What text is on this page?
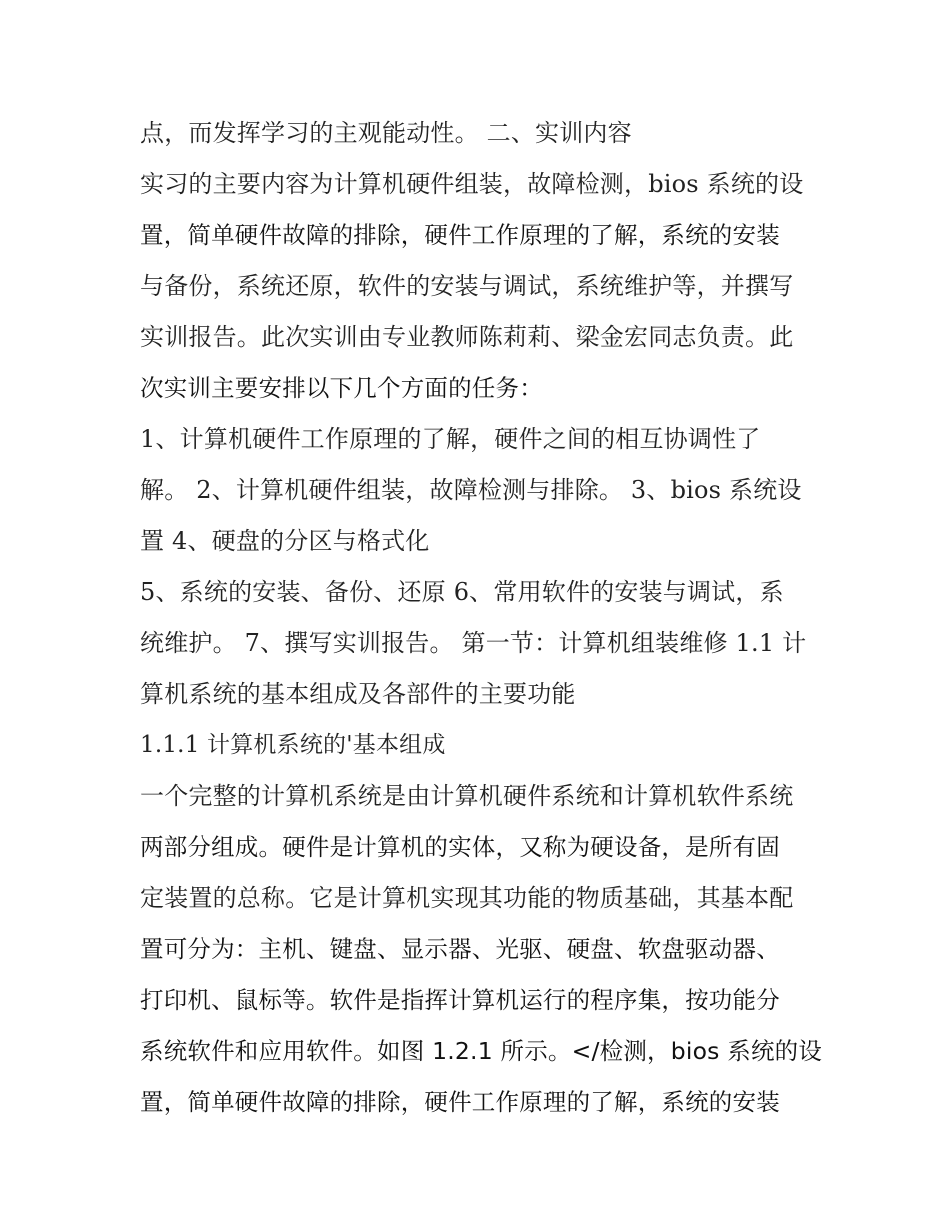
点，而发挥学习的主观能动性。 二、实训内容
实习的主要内容为计算机硬件组装，故障检测，bios 系统的设
置，简单硬件故障的排除，硬件工作原理的了解，系统的安装
与备份，系统还原，软件的安装与调试，系统维护等，并撰写
实训报告。此次实训由专业教师陈莉莉、梁金宏同志负责。此
次实训主要安排以下几个方面的任务：
1、计算机硬件工作原理的了解，硬件之间的相互协调性了
解。 2、计算机硬件组装，故障检测与排除。 3、bios 系统设
置 4、硬盘的分区与格式化
5、系统的安装、备份、还原 6、常用软件的安装与调试，系
统维护。 7、撰写实训报告。 第一节：计算机组装维修 1.1 计
算机系统的基本组成及各部件的主要功能
1.1.1 计算机系统的'基本组成
一个完整的计算机系统是由计算机硬件系统和计算机软件系统
两部分组成。硬件是计算机的实体，又称为硬设备，是所有固
定装置的总称。它是计算机实现其功能的物质基础，其基本配
置可分为：主机、键盘、显示器、光驱、硬盘、软盘驱动器、
打印机、鼠标等。软件是指挥计算机运行的程序集，按功能分
系统软件和应用软件。如图 1.2.1 所示。</检测，bios 系统的设
置，简单硬件故障的排除，硬件工作原理的了解，系统的安装
